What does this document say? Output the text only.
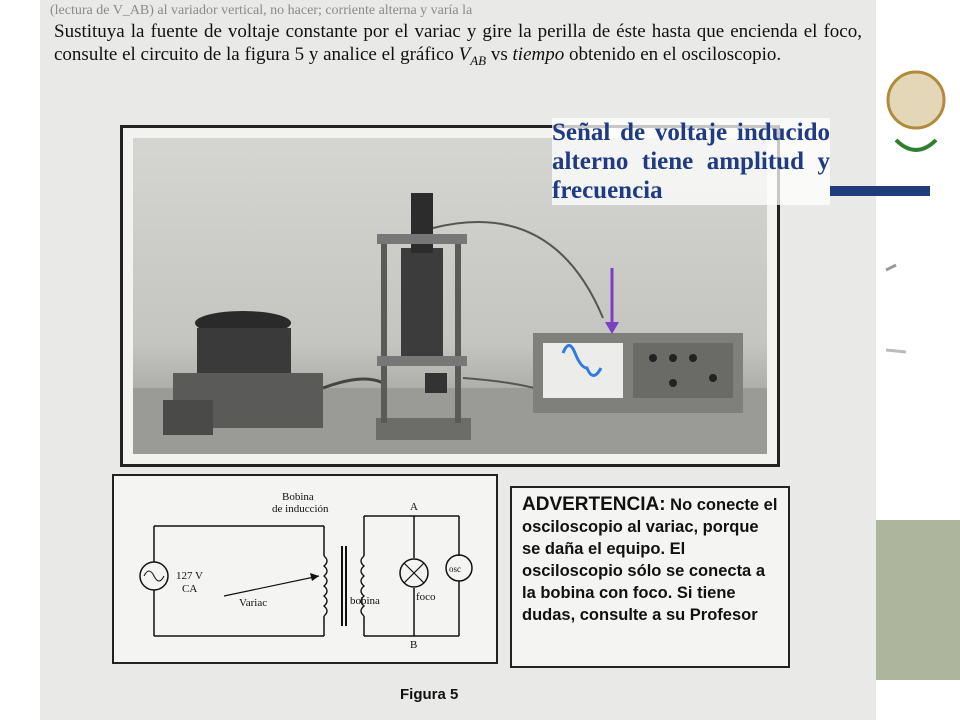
(lectura de V_AB) al variador vertical, no hacer; corriente alterna y varía la
Sustituya la fuente de voltaje constante por el variac y gire la perilla de éste hasta que encienda el foco, consulte el circuito de la figura 5 y analice el gráfico $V_{AB}$ vs tiempo obtenido en el osciloscopio.
127 V
CA
Variac
Bobina
de inducción
bobina
A
B
foco
osc
ADVERTENCIA: No conecte el osciloscopio al variac, porque se daña el equipo. El osciloscopio sólo se conecta a la bobina con foco. Si tiene dudas, consulte a su Profesor
Figura 5
Señal de voltaje inducido alterno tiene amplitud y frecuencia
